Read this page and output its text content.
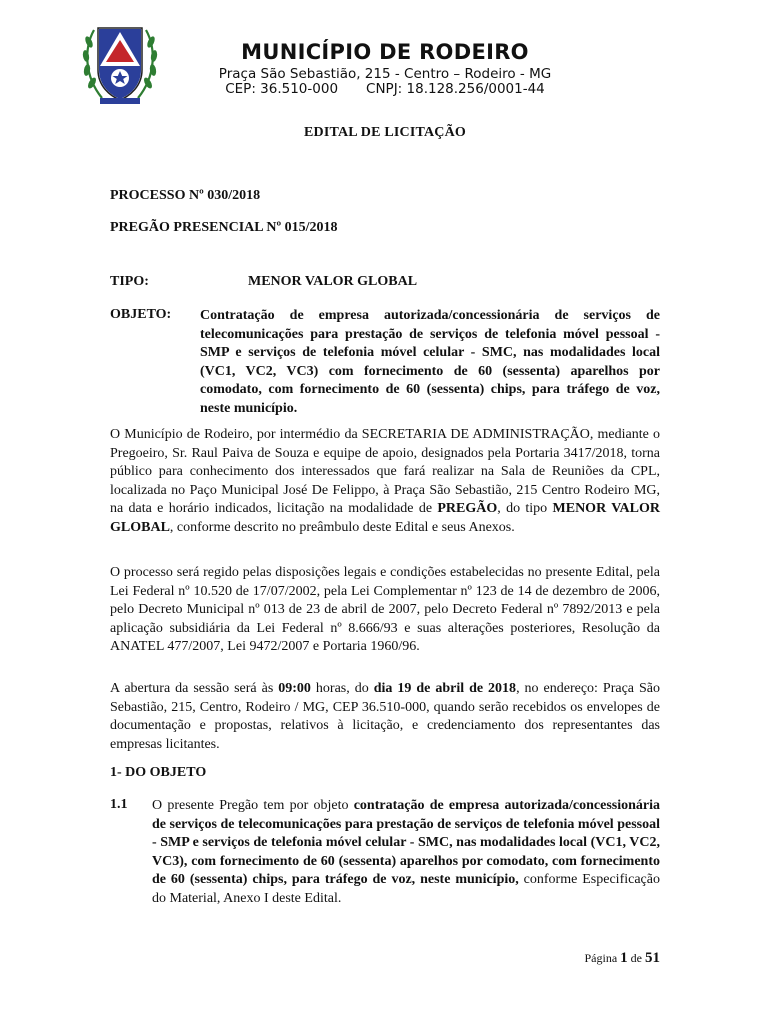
MUNICÍPIO DE RODEIRO
Praça São Sebastião, 215 - Centro – Rodeiro - MG
CEP: 36.510-000 CNPJ: 18.128.256/0001-44
EDITAL DE LICITAÇÃO
PROCESSO Nº 030/2018
PREGÃO PRESENCIAL Nº 015/2018
TIPO:	MENOR VALOR GLOBAL
OBJETO: Contratação de empresa autorizada/concessionária de serviços de telecomunicações para prestação de serviços de telefonia móvel pessoal - SMP e serviços de telefonia móvel celular - SMC, nas modalidades local (VC1, VC2, VC3) com fornecimento de 60 (sessenta) aparelhos por comodato, com fornecimento de 60 (sessenta) chips, para tráfego de voz, neste município.
O Município de Rodeiro, por intermédio da SECRETARIA DE ADMINISTRAÇÃO, mediante o Pregoeiro, Sr. Raul Paiva de Souza e equipe de apoio, designados pela Portaria 3417/2018, torna público para conhecimento dos interessados que fará realizar na Sala de Reuniões da CPL, localizada no Paço Municipal José De Felippo, à Praça São Sebastião, 215 Centro Rodeiro MG, na data e horário indicados, licitação na modalidade de PREGÃO, do tipo MENOR VALOR GLOBAL, conforme descrito no preâmbulo deste Edital e seus Anexos.
O processo será regido pelas disposições legais e condições estabelecidas no presente Edital, pela Lei Federal nº 10.520 de 17/07/2002, pela Lei Complementar nº 123 de 14 de dezembro de 2006, pelo Decreto Municipal nº 013 de 23 de abril de 2007, pelo Decreto Federal nº 7892/2013 e pela aplicação subsidiária da Lei Federal nº 8.666/93 e suas alterações posteriores, Resolução da ANATEL 477/2007, Lei 9472/2007 e Portaria 1960/96.
A abertura da sessão será às 09:00 horas, do dia 19 de abril de 2018, no endereço: Praça São Sebastião, 215, Centro, Rodeiro / MG, CEP 36.510-000, quando serão recebidos os envelopes de documentação e propostas, relativos à licitação, e credenciamento dos representantes das empresas licitantes.
1- DO OBJETO
1.1 O presente Pregão tem por objeto contratação de empresa autorizada/concessionária de serviços de telecomunicações para prestação de serviços de telefonia móvel pessoal - SMP e serviços de telefonia móvel celular - SMC, nas modalidades local (VC1, VC2, VC3), com fornecimento de 60 (sessenta) aparelhos por comodato, com fornecimento de 60 (sessenta) chips, para tráfego de voz, neste município, conforme Especificação do Material, Anexo I deste Edital.
Página 1 de 51
